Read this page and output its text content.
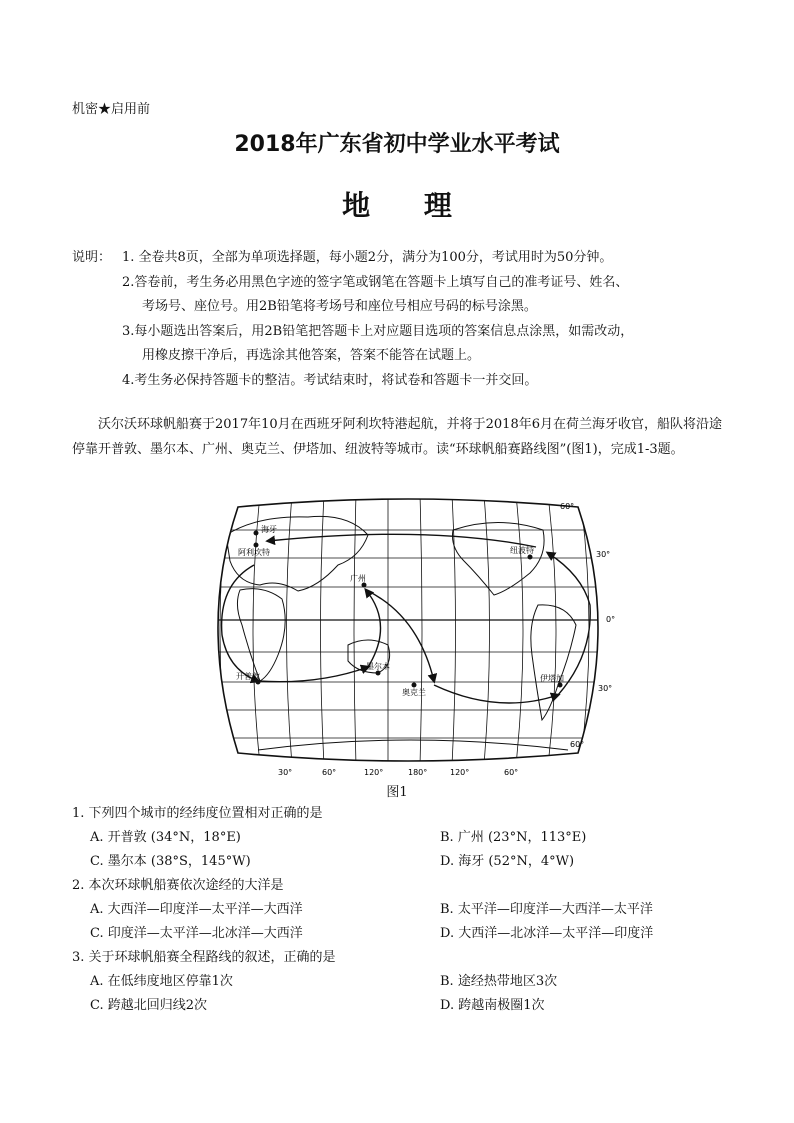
机密★启用前
2018年广东省初中学业水平考试
地 理
说明： 1. 全卷共8页，全部为单项选择题，每小题2分，满分为100分，考试用时为50分钟。
2.答卷前，考生务必用黑色字迹的签字笔或钢笔在答题卡上填写自己的准考证号、姓名、
考场号、座位号。用2B铅笔将考场号和座位号相应号码的标号涂黑。
3.每小题选出答案后，用2B铅笔把答题卡上对应题目选项的答案信息点涂黑，如需改动，
用橡皮擦干净后，再选涂其他答案，答案不能答在试题上。
4.考生务必保持答题卡的整洁。考试结束时，将试卷和答题卡一并交回。
沃尔沃环球帆船赛于2017年10月在西班牙阿利坎特港起航，并将于2018年6月在荷兰海牙收官，船队将沿途停靠开普敦、墨尔本、广州、奥克兰、伊塔加、纽波特等城市。读“环球帆船赛路线图”(图1)，完成1-3题。
海牙
阿利坎特
广州
纽波特
开普敦
墨尔本
奥克兰
伊塔加
60°
30°
0°
30°
60°
30°	60°	120°	180°	120°	60°
图1
1. 下列四个城市的经纬度位置相对正确的是
A. 开普敦 (34°N，18°E)	B. 广州 (23°N，113°E)
C. 墨尔本 (38°S，145°W)	D. 海牙 (52°N，4°W)
2. 本次环球帆船赛依次途经的大洋是
A. 大西洋—印度洋—太平洋—大西洋	B. 太平洋—印度洋—大西洋—太平洋
C. 印度洋—太平洋—北冰洋—大西洋	D. 大西洋—北冰洋—太平洋—印度洋
3. 关于环球帆船赛全程路线的叙述，正确的是
A. 在低纬度地区停靠1次	B. 途经热带地区3次
C. 跨越北回归线2次	D. 跨越南极圈1次
